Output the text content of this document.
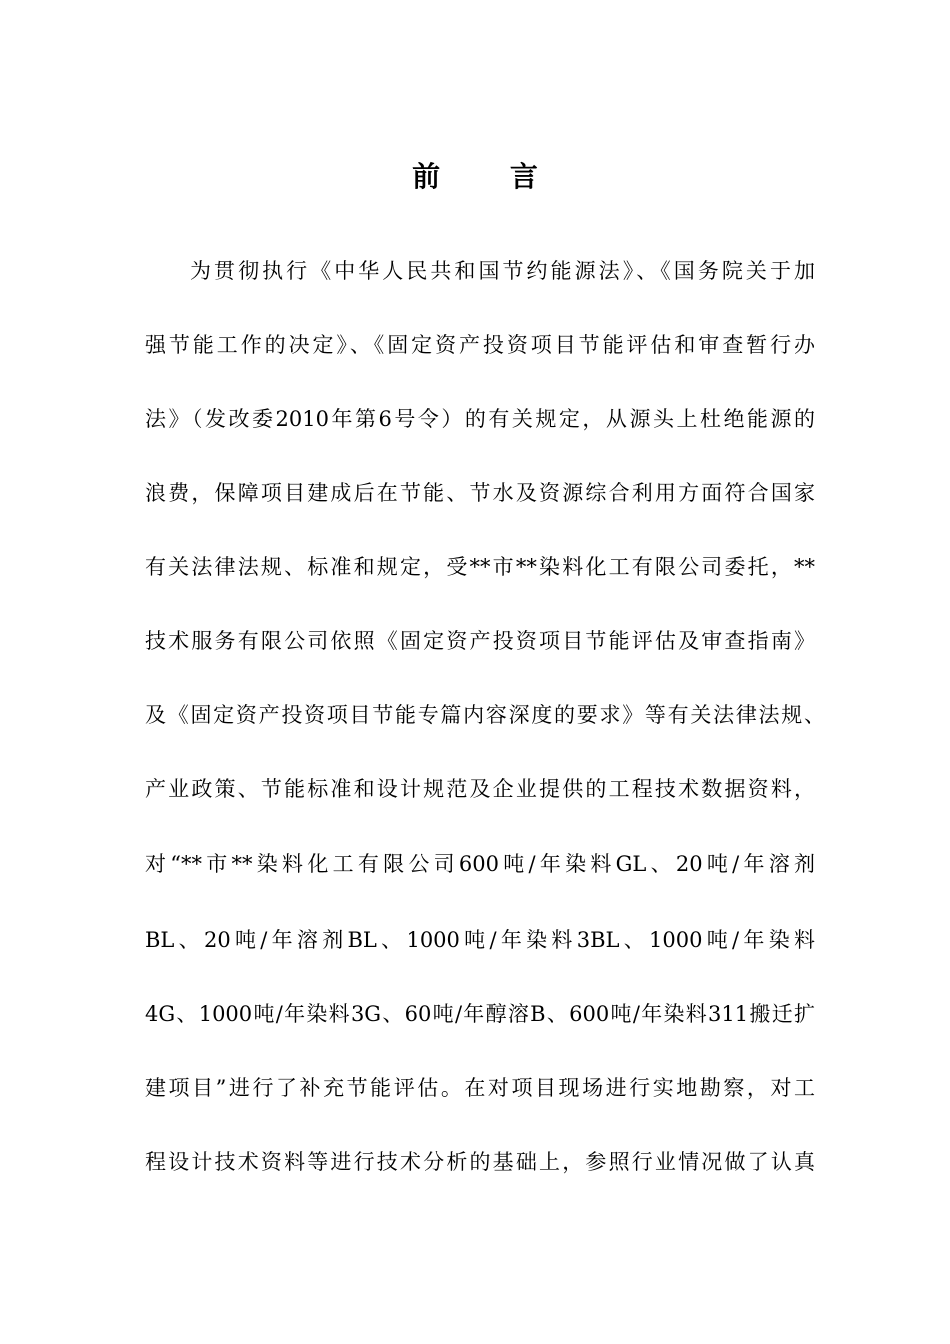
前 言
为贯彻执行《中华人民共和国节约能源法》、《国务院关于加
强节能工作的决定》、《固定资产投资项目节能评估和审查暂行办
法》（发改委2010年第6号令）的有关规定，从源头上杜绝能源的
浪费，保障项目建成后在节能、节水及资源综合利用方面符合国家
有关法律法规、标准和规定，受**市**染料化工有限公司委托，**
技术服务有限公司依照《固定资产投资项目节能评估及审查指南》
及《固定资产投资项目节能专篇内容深度的要求》等有关法律法规、
产业政策、节能标准和设计规范及企业提供的工程技术数据资料，
对“**市**染料化工有限公司600吨/年染料GL、20吨/年溶剂
BL、20吨/年溶剂BL、1000吨/年染料3BL、1000吨/年染料
4G、1000吨/年染料3G、60吨/年醇溶B、600吨/年染料311搬迁扩
建项目”进行了补充节能评估。在对项目现场进行实地勘察，对工
程设计技术资料等进行技术分析的基础上，参照行业情况做了认真
